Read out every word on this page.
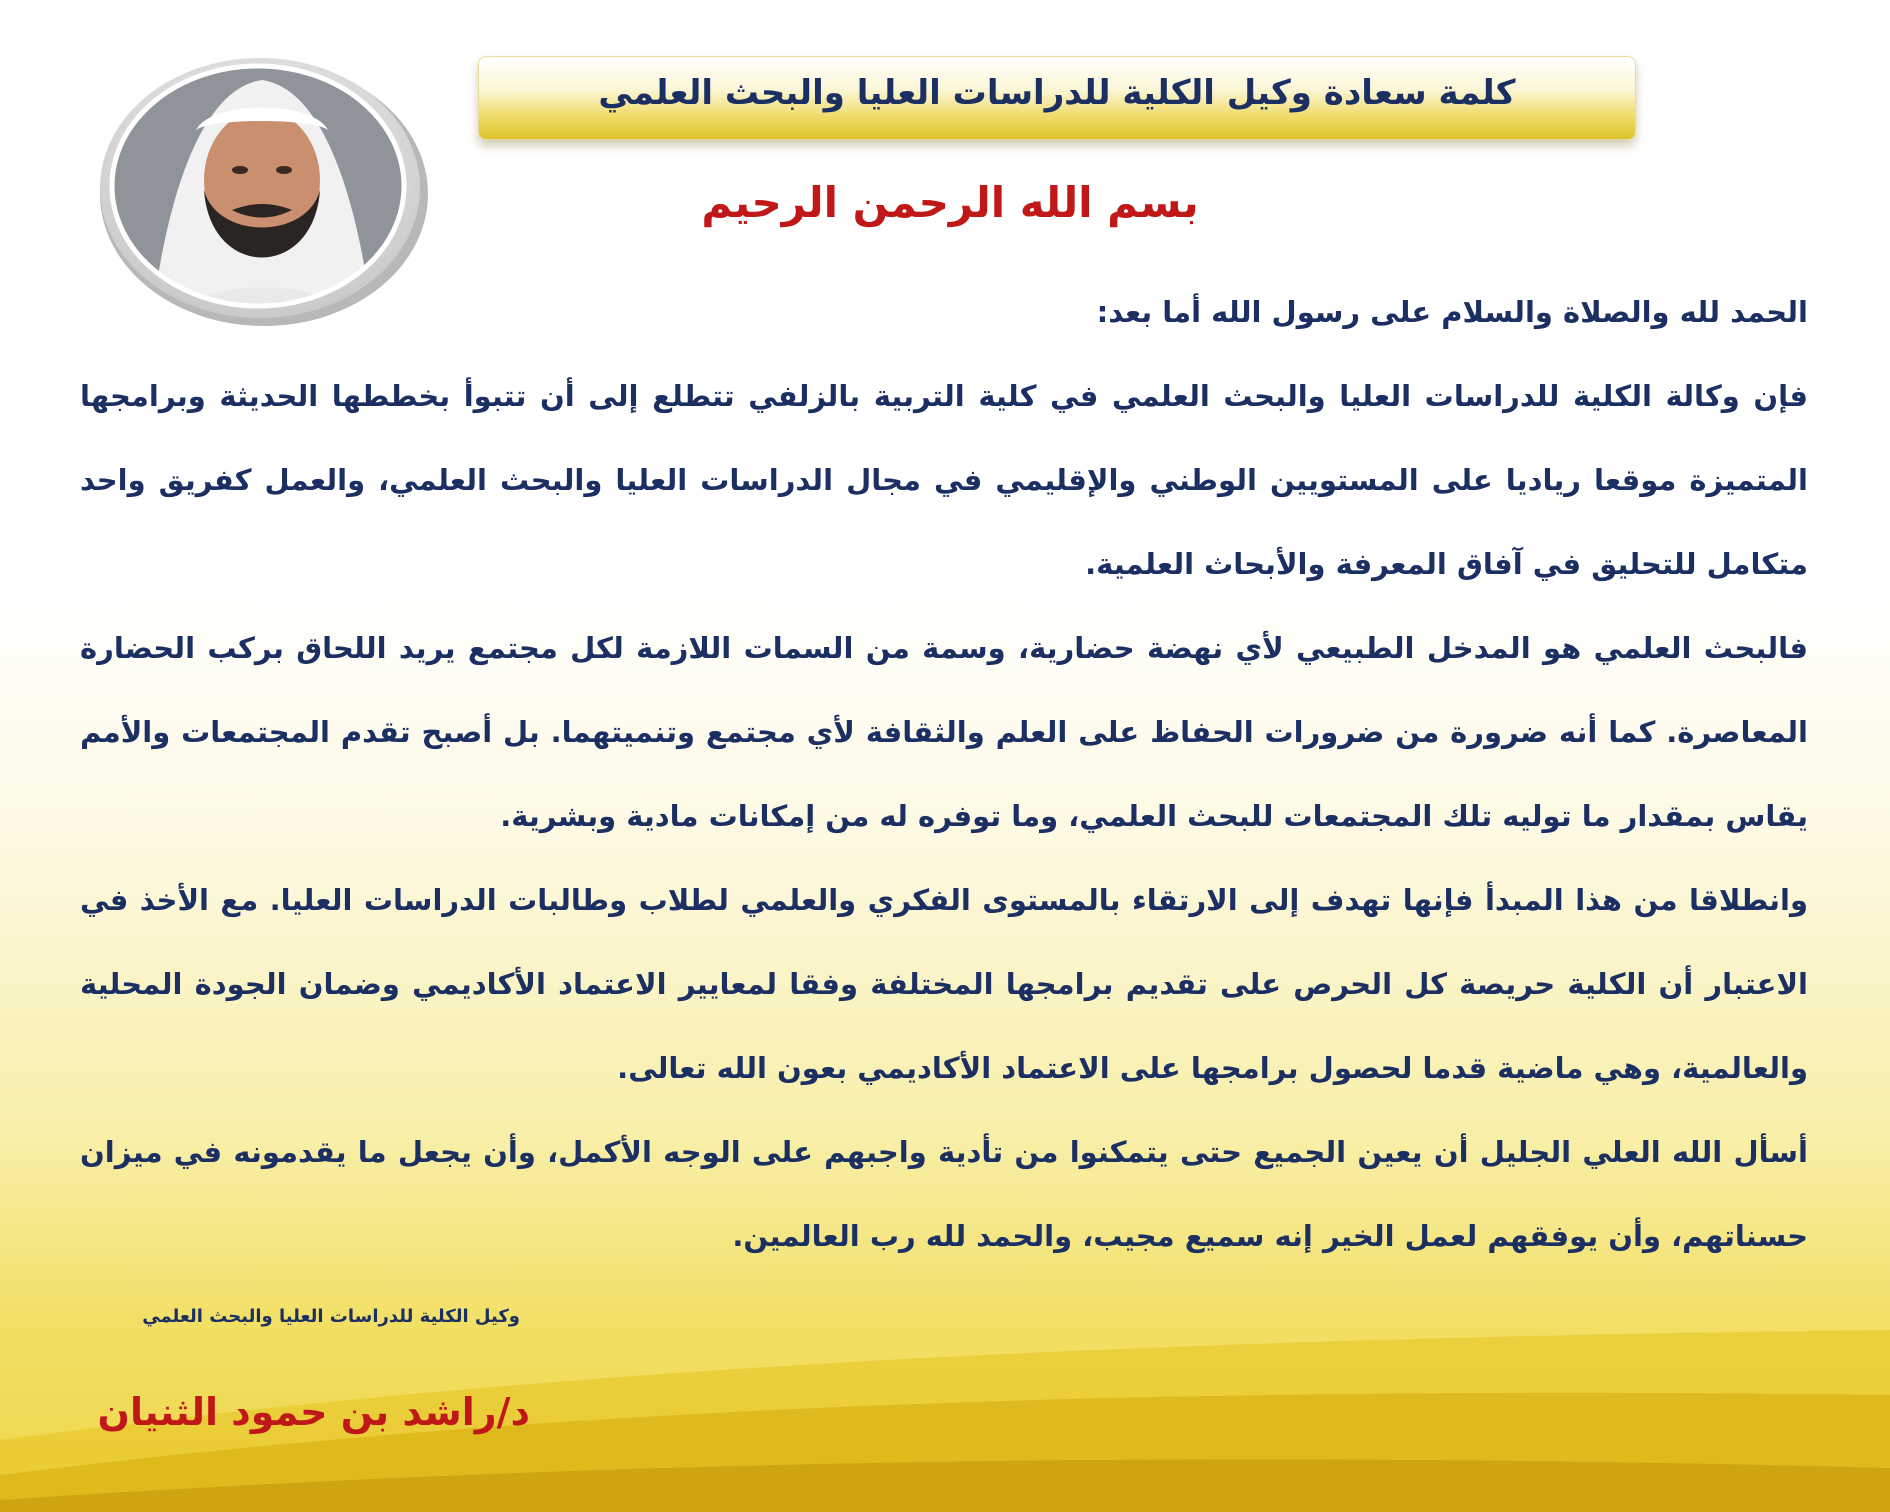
كلمة سعادة وكيل الكلية للدراسات العليا والبحث العلمي
بسم الله الرحمن الرحيم

الحمد لله والصلاة والسلام على رسول الله أما بعد:

فإن وكالة الكلية للدراسات العليا والبحث العلمي في كلية التربية بالزلفي تتطلع إلى أن تتبوأ بخططها الحديثة وبرامجها المتميزة موقعا رياديا على المستويين الوطني والإقليمي في مجال الدراسات العليا والبحث العلمي، والعمل كفريق واحد متكامل للتحليق في آفاق المعرفة والأبحاث العلمية.

فالبحث العلمي هو المدخل الطبيعي لأي نهضة حضارية، وسمة من السمات اللازمة لكل مجتمع يريد اللحاق بركب الحضارة المعاصرة. كما أنه ضرورة من ضرورات الحفاظ على العلم والثقافة لأي مجتمع وتنميتهما. بل أصبح تقدم المجتمعات والأمم يقاس بمقدار ما توليه تلك المجتمعات للبحث العلمي، وما توفره له من إمكانات مادية وبشرية.

وانطلاقا من هذا المبدأ فإنها تهدف إلى الارتقاء بالمستوى الفكري والعلمي لطلاب وطالبات الدراسات العليا. مع الأخذ في الاعتبار أن الكلية حريصة كل الحرص على تقديم برامجها المختلفة وفقا لمعايير الاعتماد الأكاديمي وضمان الجودة المحلية والعالمية، وهي ماضية قدما لحصول برامجها على الاعتماد الأكاديمي بعون الله تعالى.

أسأل الله العلي الجليل أن يعين الجميع حتى يتمكنوا من تأدية واجبهم على الوجه الأكمل، وأن يجعل ما يقدمونه في ميزان حسناتهم، وأن يوفقهم لعمل الخير إنه سميع مجيب، والحمد لله رب العالمين.

وكيل الكلية للدراسات العليا والبحث العلمي
د/راشد بن حمود الثنيان
